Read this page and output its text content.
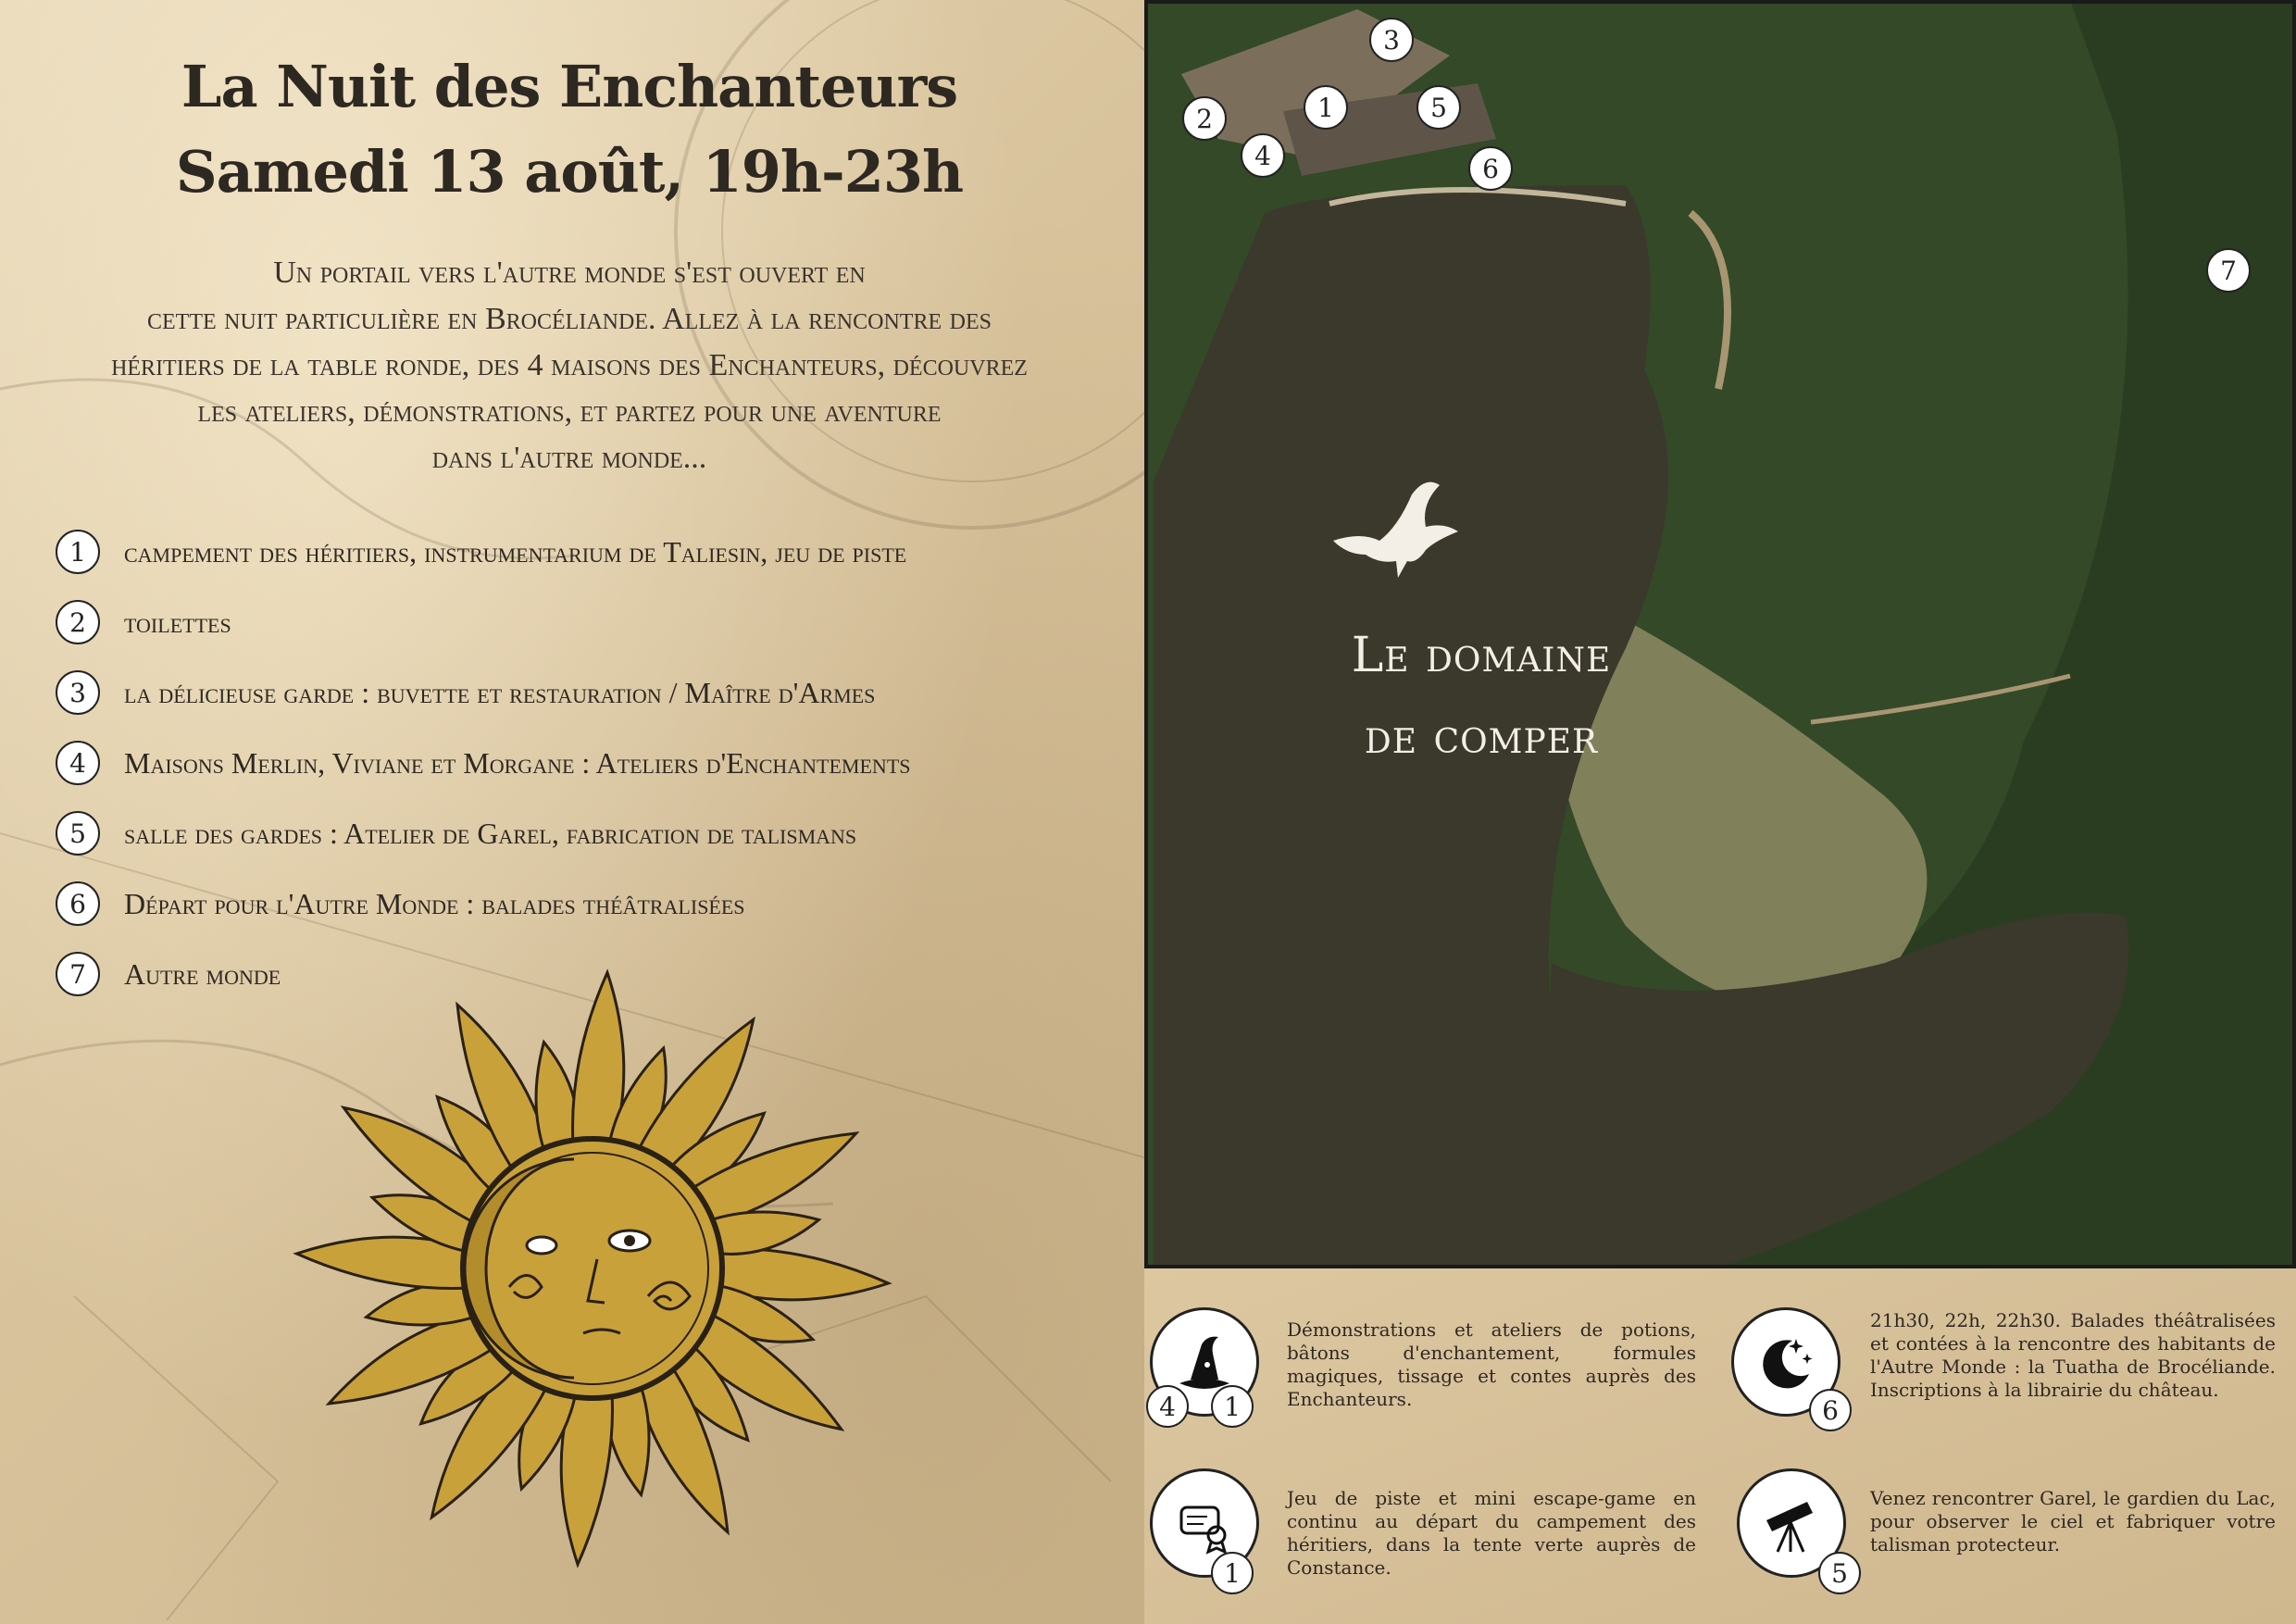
La Nuit des Enchanteurs
Samedi 13 août, 19h-23h
Un portail vers l'autre monde s'est ouvert en
cette nuit particulière en Brocéliande. Allez à la rencontre des
héritiers de la table ronde, des 4 maisons des Enchanteurs, découvrez
les ateliers, démonstrations, et partez pour une aventure
dans l'autre monde...
1	campement des héritiers, instrumentarium de Taliesin, jeu de piste
2	toilettes
3	la délicieuse garde : buvette et restauration / Maître d'Armes
4	Maisons Merlin, Viviane et Morgane : Ateliers d'Enchantements
5	salle des gardes : Atelier de Garel, fabrication de talismans
6	Départ pour l'Autre Monde : balades théâtralisées
7	Autre monde
3
2	1
4
5
6
7
Le domaine
de comper
4	1
Démonstrations et ateliers de potions, bâtons d'enchantement, formules magiques, tissage et contes auprès des Enchanteurs.	6
21h30, 22h, 22h30. Balades théâtralisées et contées à la rencontre des habitants de l'Autre Monde : la Tuatha de Brocéliande. Inscriptions à la librairie du château.
1
Jeu de piste et mini escape-game en continu au départ du campement des héritiers, dans la tente verte auprès de Constance.	5
Venez rencontrer Garel, le gardien du Lac, pour observer le ciel et fabriquer votre talisman protecteur.
